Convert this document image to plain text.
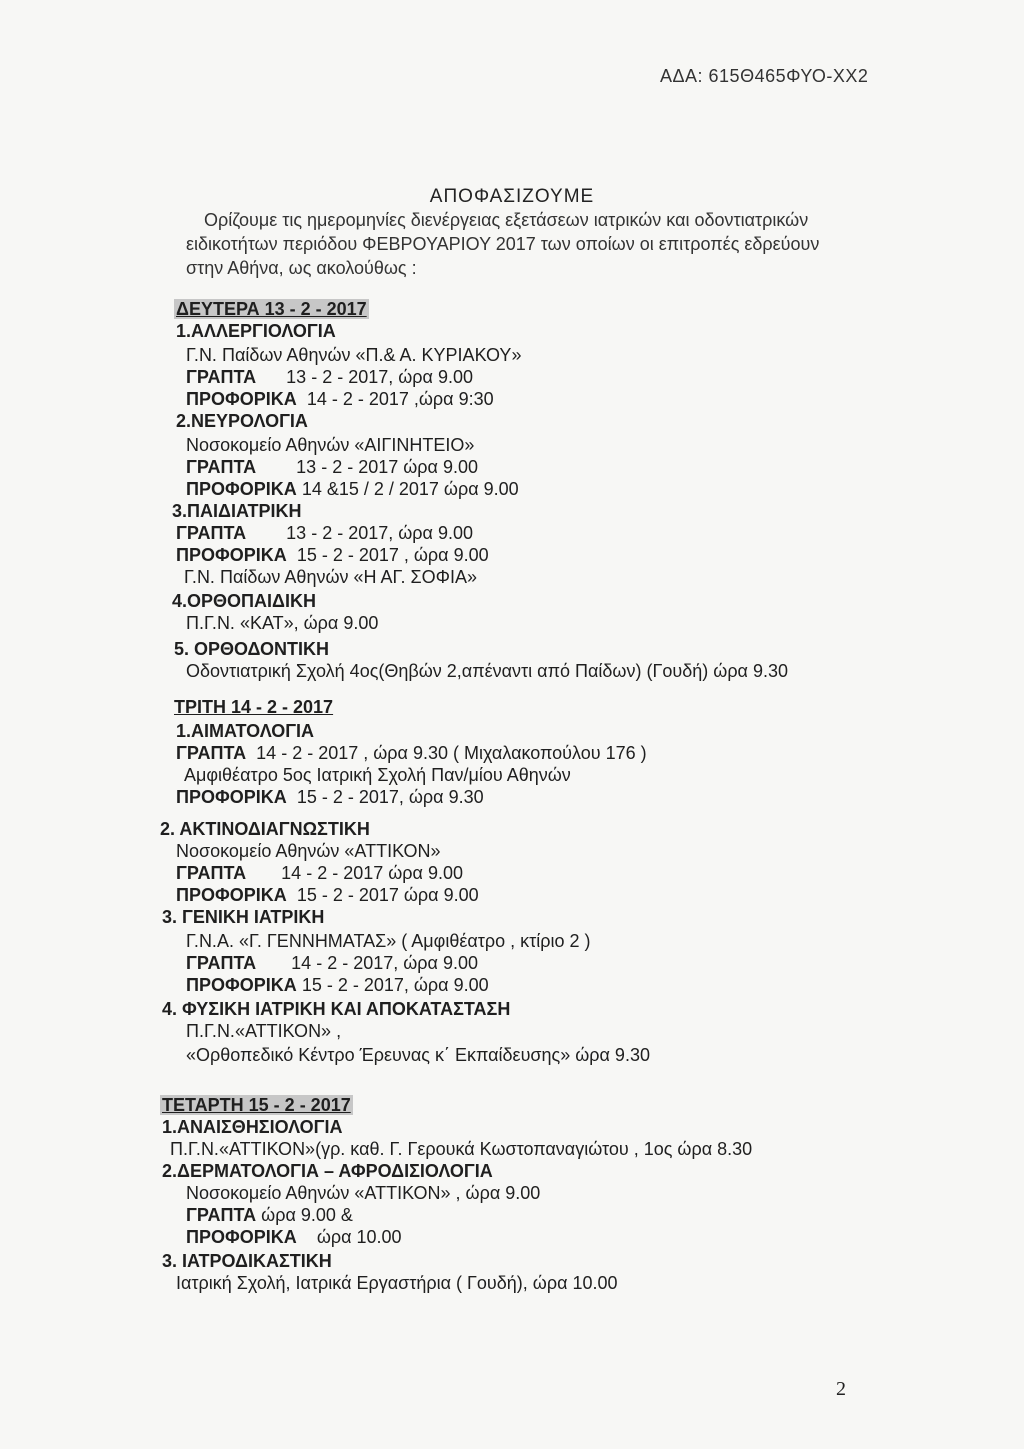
ΑΔΑ: 615Θ465ΦΥΟ-ΧΧ2
ΑΠΟΦΑΣΙΖΟΥΜΕ
Ορίζουμε τις ημερομηνίες διενέργειας εξετάσεων ιατρικών και οδοντιατρικών
ειδικοτήτων περιόδου ΦΕΒΡΟΥΑΡΙΟΥ 2017 των οποίων οι επιτροπές εδρεύουν
στην Αθήνα, ως ακολούθως :
ΔΕΥΤΕΡΑ 13 - 2 - 2017
1.ΑΛΛΕΡΓΙΟΛΟΓΙΑ
Γ.Ν. Παίδων Αθηνών «Π.& Α. ΚΥΡΙΑΚΟΥ»
ΓΡΑΠΤΑ 13 - 2 - 2017, ώρα 9.00
ΠΡΟΦΟΡΙΚΑ 14 - 2 - 2017 ,ώρα 9:30
2.ΝΕΥΡΟΛΟΓΙΑ
Νοσοκομείο Αθηνών «ΑΙΓΙΝΗΤΕΙΟ»
ΓΡΑΠΤΑ 13 - 2 - 2017 ώρα 9.00
ΠΡΟΦΟΡΙΚΑ 14 &15 / 2 / 2017 ώρα 9.00
3.ΠΑΙΔΙΑΤΡΙΚΗ
ΓΡΑΠΤΑ 13 - 2 - 2017, ώρα 9.00
ΠΡΟΦΟΡΙΚΑ 15 - 2 - 2017 , ώρα 9.00
Γ.Ν. Παίδων Αθηνών «Η ΑΓ. ΣΟΦΙΑ»
4.ΟΡΘΟΠΑΙΔΙΚΗ
Π.Γ.Ν. «ΚΑΤ», ώρα 9.00
5. ΟΡΘΟΔΟΝΤΙΚΗ
Οδοντιατρική Σχολή 4ος(Θηβών 2,απέναντι από Παίδων) (Γουδή) ώρα 9.30
ΤΡΙΤΗ 14 - 2 - 2017
1.ΑΙΜΑΤΟΛΟΓΙΑ
ΓΡΑΠΤΑ 14 - 2 - 2017 , ώρα 9.30 ( Μιχαλακοπούλου 176 )
Αμφιθέατρο 5ος Ιατρική Σχολή Παν/μίου Αθηνών
ΠΡΟΦΟΡΙΚΑ 15 - 2 - 2017, ώρα 9.30
2. ΑΚΤΙΝΟΔΙΑΓΝΩΣΤΙΚΗ
Νοσοκομείο Αθηνών «ΑΤΤΙΚΟΝ»
ΓΡΑΠΤΑ 14 - 2 - 2017 ώρα 9.00
ΠΡΟΦΟΡΙΚΑ 15 - 2 - 2017 ώρα 9.00
3. ΓΕΝΙΚΗ ΙΑΤΡΙΚΗ
Γ.Ν.Α. «Γ. ΓΕΝΝΗΜΑΤΑΣ» ( Αμφιθέατρο , κτίριο 2 )
ΓΡΑΠΤΑ 14 - 2 - 2017, ώρα 9.00
ΠΡΟΦΟΡΙΚΑ 15 - 2 - 2017, ώρα 9.00
4. ΦΥΣΙΚΗ ΙΑΤΡΙΚΗ ΚΑΙ ΑΠΟΚΑΤΑΣΤΑΣΗ
Π.Γ.Ν.«ΑΤΤΙΚΟΝ» ,
«Ορθοπεδικό Κέντρο Έρευνας κ΄ Εκπαίδευσης» ώρα 9.30
ΤΕΤΑΡΤΗ 15 - 2 - 2017
1.ΑΝΑΙΣΘΗΣΙΟΛΟΓΙΑ
Π.Γ.Ν.«ΑΤΤΙΚΟΝ»(γρ. καθ. Γ. Γερουκά Κωστοπαναγιώτου , 1ος ώρα 8.30
2.ΔΕΡΜΑΤΟΛΟΓΙΑ – ΑΦΡΟΔΙΣΙΟΛΟΓΙΑ
Νοσοκομείο Αθηνών «ΑΤΤΙΚΟΝ» , ώρα 9.00
ΓΡΑΠΤΑ ώρα 9.00 &
ΠΡΟΦΟΡΙΚΑ ώρα 10.00
3. ΙΑΤΡΟΔΙΚΑΣΤΙΚΗ
Ιατρική Σχολή, Ιατρικά Εργαστήρια ( Γουδή), ώρα 10.00
2
